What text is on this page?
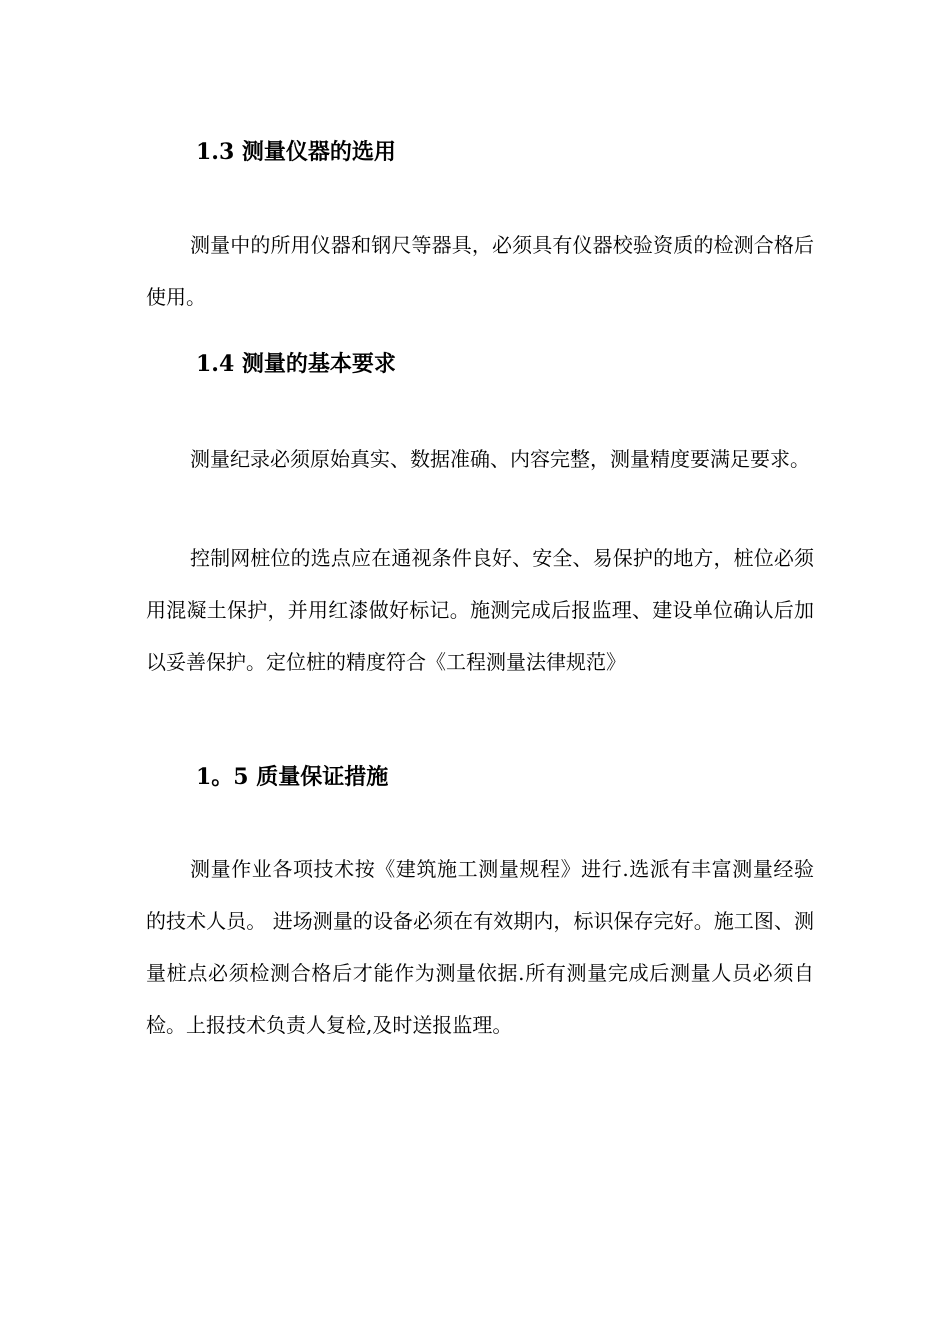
1.3 测量仪器的选用

测量中的所用仪器和钢尺等器具，必须具有仪器校验资质的检测合格后使用。

1.4 测量的基本要求

测量纪录必须原始真实、数据准确、内容完整，测量精度要满足要求。

控制网桩位的选点应在通视条件良好、安全、易保护的地方，桩位必须用混凝土保护，并用红漆做好标记。施测完成后报监理、建设单位确认后加以妥善保护。定位桩的精度符合《工程测量法律规范》

1。5 质量保证措施

测量作业各项技术按《建筑施工测量规程》进行.选派有丰富测量经验的技术人员。 进场测量的设备必须在有效期内，标识保存完好。施工图、测量桩点必须检测合格后才能作为测量依据.所有测量完成后测量人员必须自检。上报技术负责人复检,及时送报监理。
